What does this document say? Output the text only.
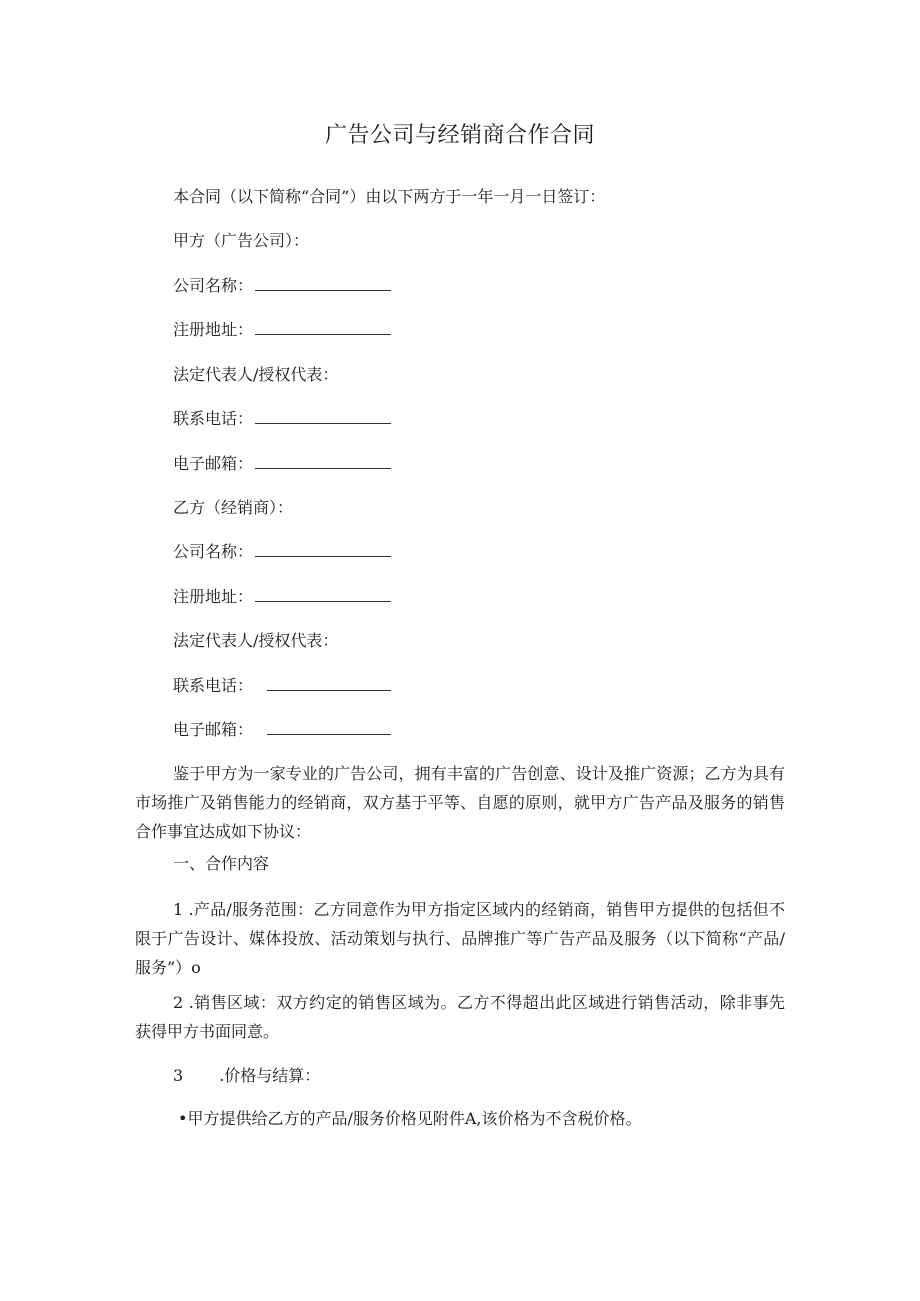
广告公司与经销商合作合同
本合同（以下简称“合同”）由以下两方于一年一月一日签订：
甲方（广告公司）：
公司名称：
注册地址：
法定代表人/授权代表：
联系电话：
电子邮箱：
乙方（经销商）：
公司名称：
注册地址：
法定代表人/授权代表：
联系电话：
电子邮箱：
鉴于甲方为一家专业的广告公司，拥有丰富的广告创意、设计及推广资源；乙方为具有市场推广及销售能力的经销商，双方基于平等、自愿的原则，就甲方广告产品及服务的销售合作事宜达成如下协议：
一、合作内容
1 .产品/服务范围：乙方同意作为甲方指定区域内的经销商，销售甲方提供的包括但不限于广告设计、媒体投放、活动策划与执行、品牌推广等广告产品及服务（以下简称“产品/服务”）o
2 .销售区域：双方约定的销售区域为。乙方不得超出此区域进行销售活动，除非事先获得甲方书面同意。
3 .价格与结算：
•甲方提供给乙方的产品/服务价格见附件A,该价格为不含税价格。
